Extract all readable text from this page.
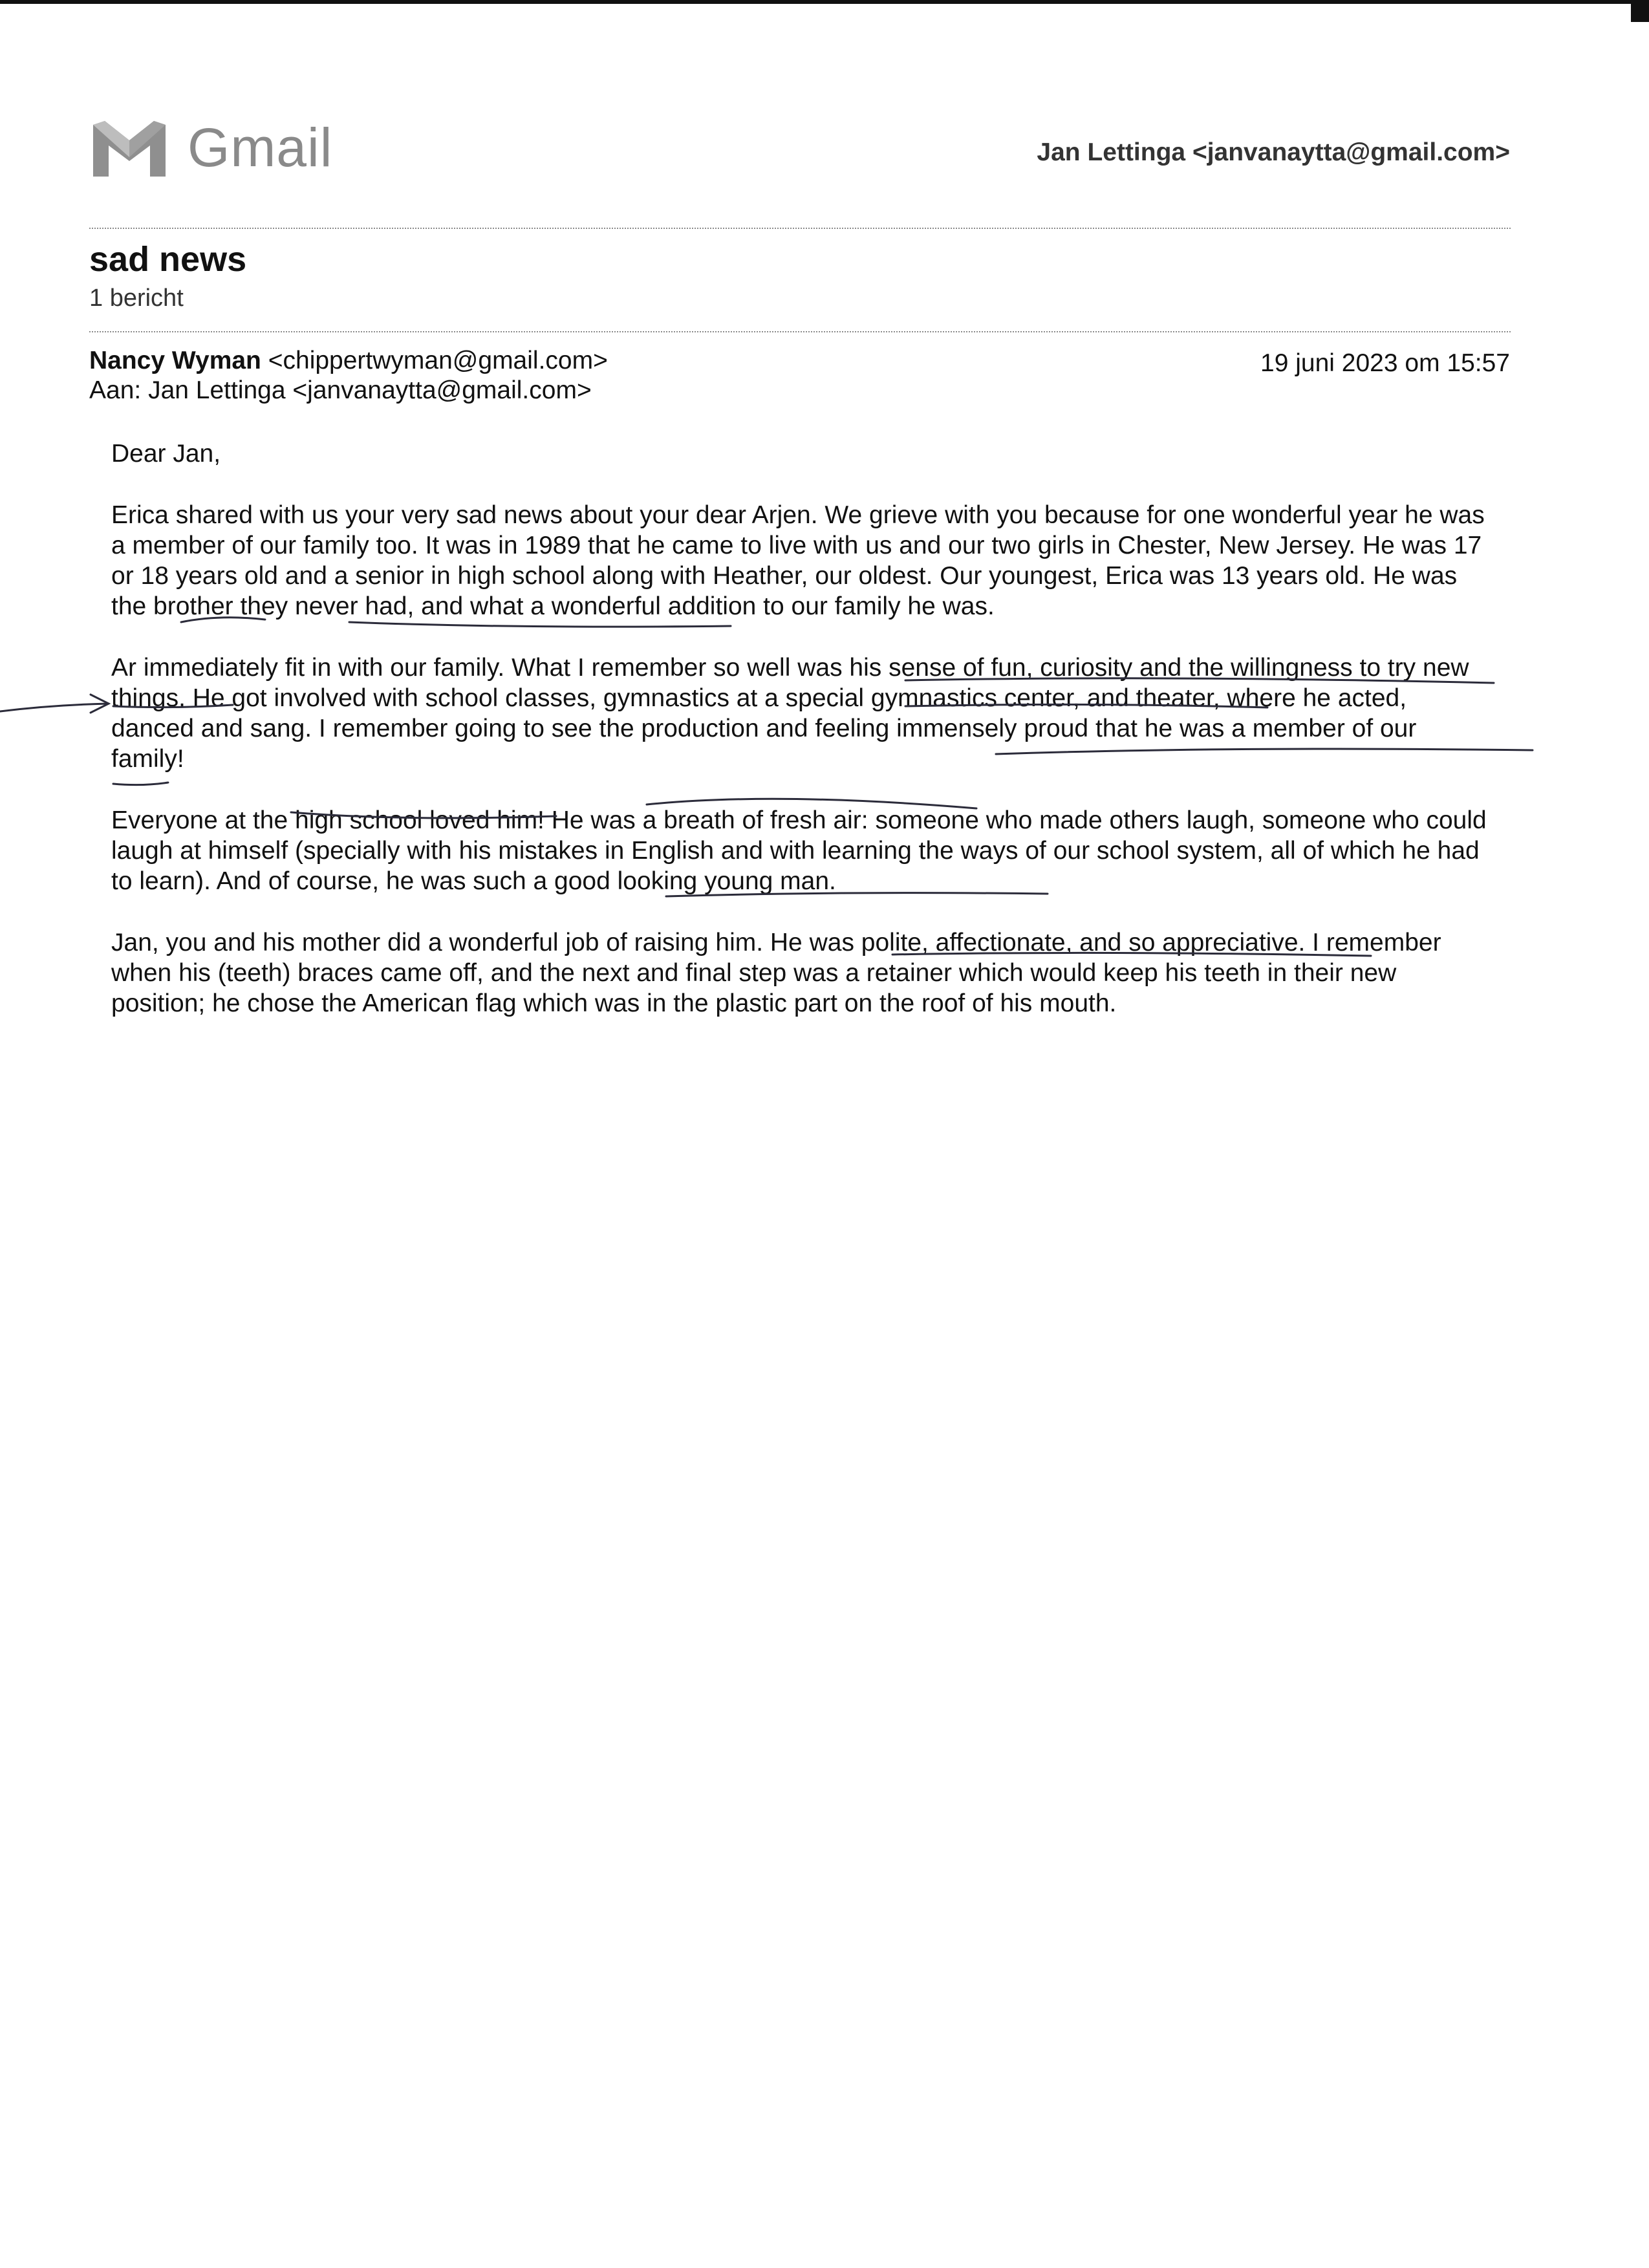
Gmail	Jan Lettinga <janvanaytta@gmail.com>
sad news
1 bericht
Nancy Wyman <chippertwyman@gmail.com>
Aan: Jan Lettinga <janvanaytta@gmail.com>
19 juni 2023 om 15:57

Dear Jan,

Erica shared with us your very sad news about your dear Arjen. We grieve with you because for one wonderful year he was a member of our family too. It was in 1989 that he came to live with us and our two girls in Chester, New Jersey. He was 17 or 18 years old and a senior in high school along with Heather, our oldest. Our youngest, Erica was 13 years old. He was the brother they never had, and what a wonderful addition to our family he was.

Ar immediately fit in with our family. What I remember so well was his sense of fun, curiosity and the willingness to try new things. He got involved with school classes, gymnastics at a special gymnastics center, and theater, where he acted, danced and sang. I remember going to see the production and feeling immensely proud that he was a member of our family!

Everyone at the high school loved him! He was a breath of fresh air: someone who made others laugh, someone who could laugh at himself (specially with his mistakes in English and with learning the ways of our school system, all of which he had to learn). And of course, he was such a good looking young man.

Jan, you and his mother did a wonderful job of raising him. He was polite, affectionate, and so appreciative. I remember when his (teeth) braces came off, and the next and final step was a retainer which would keep his teeth in their new position; he chose the American flag which was in the plastic part on the roof of his mouth.
